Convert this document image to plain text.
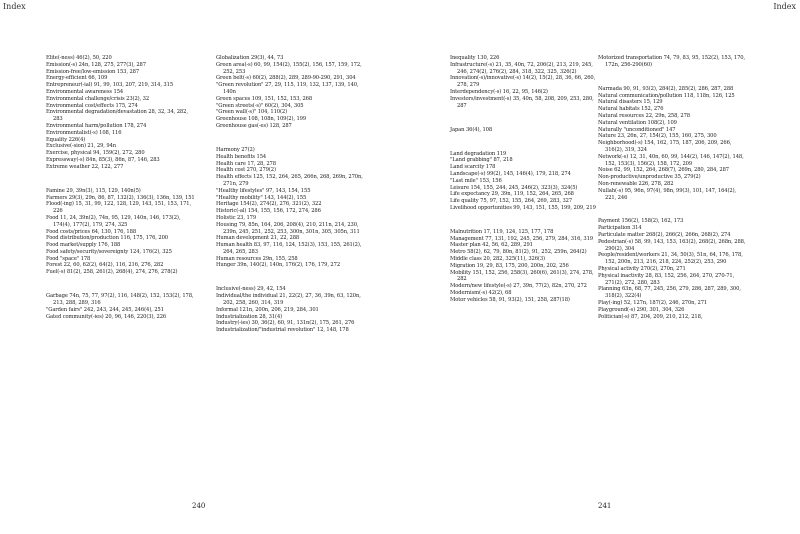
Index

Elite(-ness) 46(2), 50, 220

Emission(-s) 24n, 128, 275, 277(3), 287

Emission-free/low-emission 153, 287

Energy-efficient 66, 109

Entrepreneur(-ial) 91, 99, 103, 207, 219, 314, 315

Environmental awareness 154

Environmental challenge/crisis 23(2), 32

Environmental cost/effects 175, 274

Environmental degradation/devastation 28, 32, 34, 282, 283

Environmental harm/pollution 178, 274

Environmentalist(-s) 108, 116

Equality 226(4)

Exclusive(-sion) 21, 29, 94n

Exercise, physical 94, 159(2), 272, 280

Expressway(-s) 84n, 85(3), 86n, 87, 146, 283

Extreme weather 22, 122, 277

Famine 29, 39n(3), 115, 129, 140n(5)

Farmers 29(3), 29n, 86, 87, 132(2), 136(3), 136n, 139, 151

Flood(-ing) 15, 31, 99, 122, 128, 129, 143, 151, 153, 171, 226

Food 11, 24, 39n(2), 74n, 95, 129, 140n, 146, 173(2), 174(4), 177(2), 179, 274, 325

Food costs/prices 64, 130, 176, 188

Food distribution/production 116, 175, 176, 200

Food market/supply 176, 188

Food safety/security/sovereignty 124, 176(2), 325

Food "space" 178

Forest 22, 60, 62(2), 64(2), 116, 216, 276, 282

Fuel(-s) 81(2), 258, 261(2), 268(4), 274, 276, 278(2)

Garbage 74n, 75, 77, 97(2), 116, 148(2), 152, 153(2), 178, 213, 288, 289, 316

"Garden fairs" 242, 243, 244, 245, 246(4), 251

Gated community(-ies) 20, 96, 146, 220(3), 226

Globalization 29(3), 44, 73

Green area(-s) 60, 99, 154(2), 155(2), 156, 157, 159, 172, 252, 253

Green belt(-s) 60(2), 288(2), 289, 289-90-290, 291, 304

"Green revolution" 27, 29, 115, 119, 132, 137, 139, 140, 140n

Green spaces 109, 151, 152, 153, 268

"Green streets(-s)" 60(2), 304, 305

"Green wall(-s)" 104, 110(2)

Greenhouse 108, 108n, 109(2), 199

Greenhouse gas(-es) 128, 287

Harmony 27(2)

Health benefits 154

Health care 17, 28, 278

Health cost 270, 279(2)

Health effects 125, 152, 264, 265, 266n, 268, 269n, 270n, 271n, 279

"Healthy lifestyles" 97, 143, 154, 155

"Healthy mobility" 143, 144(2), 155

Heritage 154(2), 274(2), 276, 321(2), 322

Historic(-al) 154, 155, 156, 172, 274, 286

Holistic 23, 179

Housing 79, 85n, 164, 206, 208(4), 210, 211n, 214, 230, 239n, 245, 251, 252, 253, 300n, 301n, 305, 305n, 311

Human development 21, 22, 288

Human health 83, 97, 116, 124, 152(3), 153, 155, 261(2), 264, 265, 283

Human resources 29n, 155, 258

Hunger 39n, 140(2), 140n, 176(2), 176, 179, 272

Inclusive(-ness) 29, 42, 154

Individual/the individual 21, 22(2), 27, 36, 39n, 63, 120n, 202, 258, 260, 314, 319

Informal 121n, 200n, 206, 219, 284, 301

Industrialization 28, 31(4)

Industry(-ies) 30, 36(2), 60, 91, 131n(2), 175, 261, 276

Industrialization/"industrial revolution" 12, 148, 178

240
Index

Inequality 130, 226

Infrastructure(-s) 21, 35, 40n, 72, 206(2), 213, 219, 245, 246, 274(2), 276(2), 284, 318, 322, 325, 326(2)

Innovation(-s)/innovative(-s) 14(2), 15(2), 28, 36, 66, 260, 278, 279

Interdependency(-s) 16, 22, 95, 146(2)

Investors/investment(-s) 35, 40n, 58, 208, 209, 253, 280, 287

Japan 36(4), 108

Land degradation 119

"Land grabbing" 87, 218

Land scarcity 178

Landscape(-s) 99(2), 145, 146(4), 179, 218, 274

"Last mile" 153, 156

Leisure 154, 155, 244, 245, 246(2), 323(3), 324(5)

Life expectancy 29, 39n, 119, 152, 264, 265, 268

Life quality 75, 97, 152, 155, 264, 269, 283, 327

Livelihood opportunities 99, 143, 151, 155, 199, 209, 219

Malnutrition 17, 119, 124, 125, 177, 178

Management 77, 131, 192, 245, 256, 279, 284, 316, 319

Master plan 42, 56, 62, 289, 291

Metro 58(2), 62, 79, 80n, 81(2), 91, 252, 259n, 264(2)

Middle class 20, 282, 325(11), 326(3)

Migration 19, 29, 83, 175, 200, 200n, 202, 256

Mobility 151, 152, 256, 258(3), 260(6), 261(3), 274, 278, 282

Modern/new lifestyle(-s) 27, 39n, 77(2), 82n, 270, 272

Modernism(-s) 42(2), 68

Motor vehicles 58, 91, 93(2), 151, 258, 287(18)

Motorized transportation 74, 79, 83, 95, 152(2), 153, 170, 172n, 256-290(60)

Narmada 90, 91, 93(2), 284(2), 285(2), 286, 287, 288

Natural communication/pollution 118, 118n, 126, 125

Natural disasters 15, 129

Natural habitats 152, 276

Natural resources 22, 29n, 258, 278

Natural ventilation 108(2), 109

Naturally "unconditioned" 147

Nature 23, 26n, 27, 154(2), 155, 160, 275, 300

Neighborhood(-s) 154, 162, 175, 187, 206, 209, 266, 316(2), 319, 324

Network(-s) 12, 31, 40n, 60, 99, 144(2), 146, 147(2), 148, 152, 153(3), 156(2), 158, 172, 209

Noise 62, 99, 152, 264, 268(7), 269n, 280, 284, 287

Non-productive/unproductive 35, 279(2)

Non-renewable 226, 278, 282

Nullah(-s) 95, 96n, 97(4), 98n, 99(3), 101, 147, 164(2), 221, 246

Payment 156(2), 158(2), 162, 173

Participation 314

Particulate matter 268(2), 266(2), 266n, 268(2), 274

Pedestrian(-s) 58, 99, 143, 153, 163(2), 268(2), 268n, 288, 290(2), 304

People/resident/workers 21, 34, 50(3), 51n, 64, 176, 178, 152, 200n, 213, 216, 218, 224, 252(2), 253, 290

Physical activity 270(2), 270n, 271

Physical inactivity 28, 83, 152, 256, 264, 270, 270-71, 271(2), 272, 280, 283

Planning 63n, 68, 77, 245, 256, 279, 286, 287, 289, 300, 318(2), 322(4)

Play(-ing) 52, 127n, 187(2), 246, 270n, 271

Playground(-s) 290, 301, 304, 326

Politician(-s) 87, 204, 209, 210, 212, 218,

241
